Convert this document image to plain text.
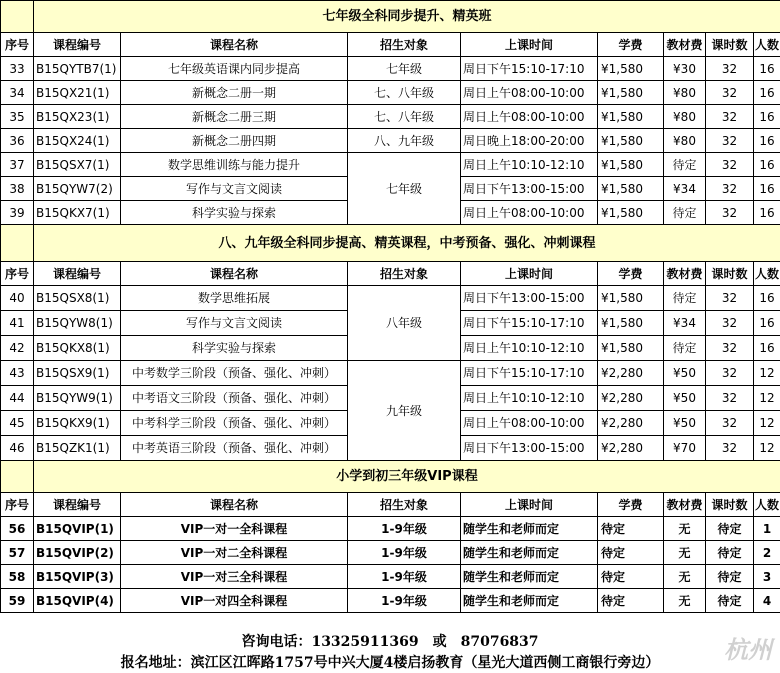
	七年级全科同步提升、精英班							
序号	课程编号	课程名称	招生对象	上课时间	学费	教材费	课时数	人数
33	B15QYTB7(1)	七年级英语课内同步提高	七年级	周日下午15:10-17:10	¥1,580	¥30	32	16
34	B15QX21(1)	新概念二册一期	七、八年级	周日上午08:00-10:00	¥1,580	¥80	32	16
35	B15QX23(1)	新概念二册三期	七、八年级	周日上午08:00-10:00	¥1,580	¥80	32	16
36	B15QX24(1)	新概念二册四期	八、九年级	周日晚上18:00-20:00	¥1,580	¥80	32	16
37	B15QSX7(1)	数学思维训练与能力提升	七年级	周日上午10:10-12:10	¥1,580	待定	32	16
38	B15QYW7(2)	写作与文言文阅读		周日下午13:00-15:00	¥1,580	¥34	32	16
39	B15QKX7(1)	科学实验与探索		周日上午08:00-10:00	¥1,580	待定	32	16
	八、九年级全科同步提高、精英课程，中考预备、强化、冲刺课程							
序号	课程编号	课程名称	招生对象	上课时间	学费	教材费	课时数	人数
40	B15QSX8(1)	数学思维拓展	八年级	周日下午13:00-15:00	¥1,580	待定	32	16
41	B15QYW8(1)	写作与文言文阅读		周日下午15:10-17:10	¥1,580	¥34	32	16
42	B15QKX8(1)	科学实验与探索		周日上午10:10-12:10	¥1,580	待定	32	16
43	B15QSX9(1)	中考数学三阶段（预备、强化、冲刺）	九年级	周日下午15:10-17:10	¥2,280	¥50	32	12
44	B15QYW9(1)	中考语文三阶段（预备、强化、冲刺）		周日上午10:10-12:10	¥2,280	¥50	32	12
45	B15QKX9(1)	中考科学三阶段（预备、强化、冲刺）		周日上午08:00-10:00	¥2,280	¥50	32	12
46	B15QZK1(1)	中考英语三阶段（预备、强化、冲刺）		周日下午13:00-15:00	¥2,280	¥70	32	12
	小学到初三年级VIP课程							
序号	课程编号	课程名称	招生对象	上课时间	学费	教材费	课时数	人数
56	B15QVIP(1)	VIP一对一全科课程	1-9年级	随学生和老师而定	待定	无	待定	1
57	B15QVIP(2)	VIP一对二全科课程	1-9年级	随学生和老师而定	待定	无	待定	2
58	B15QVIP(3)	VIP一对三全科课程	1-9年级	随学生和老师而定	待定	无	待定	3
59	B15QVIP(4)	VIP一对四全科课程	1-9年级	随学生和老师而定	待定	无	待定	4
咨询电话：13325911369　或　87076837
报名地址：滨江区江晖路1757号中兴大厦4楼启扬教育（星光大道西侧工商银行旁边）	杭州
